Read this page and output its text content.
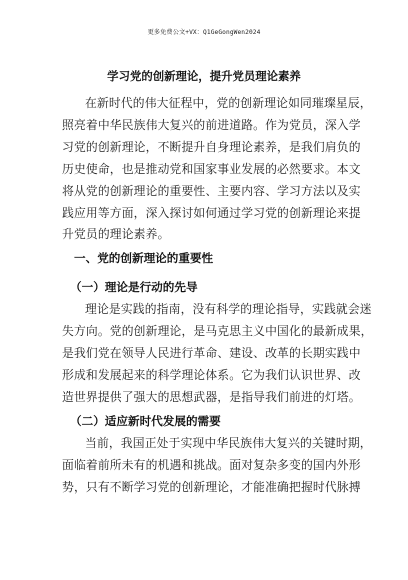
更多免费公文+VX：Q1GeGongWen2024
学习党的创新理论，提升党员理论素养
在新时代的伟大征程中，党的创新理论如同璀璨星辰，
照亮着中华民族伟大复兴的前进道路。作为党员，深入学
习党的创新理论，不断提升自身理论素养，是我们肩负的
历史使命，也是推动党和国家事业发展的必然要求。本文
将从党的创新理论的重要性、主要内容、学习方法以及实
践应用等方面，深入探讨如何通过学习党的创新理论来提
升党员的理论素养。
一、党的创新理论的重要性
（一）理论是行动的先导
理论是实践的指南，没有科学的理论指导，实践就会迷
失方向。党的创新理论，是马克思主义中国化的最新成果，
是我们党在领导人民进行革命、建设、改革的长期实践中
形成和发展起来的科学理论体系。它为我们认识世界、改
造世界提供了强大的思想武器，是指导我们前进的灯塔。
（二）适应新时代发展的需要
当前，我国正处于实现中华民族伟大复兴的关键时期，
面临着前所未有的机遇和挑战。面对复杂多变的国内外形
势，只有不断学习党的创新理论，才能准确把握时代脉搏
